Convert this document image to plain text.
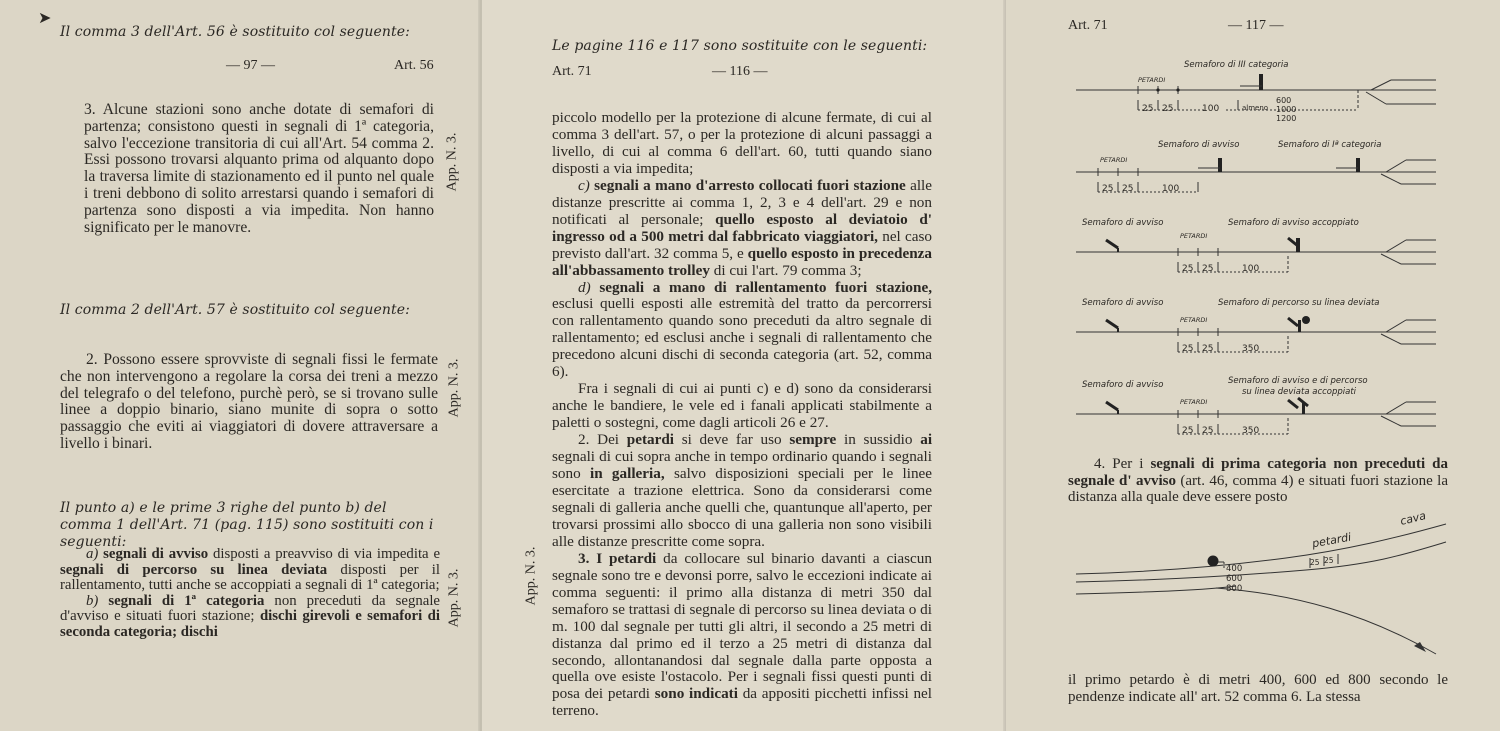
➤
Il comma 3 dell'Art. 56 è sostituito col seguente:
— 97 —	Art. 56

3. Alcune stazioni sono anche dotate di semafori di partenza; consistono questi in segnali di 1ª categoria, salvo l'eccezione transitoria di cui all'Art. 54 comma 2. Essi possono trovarsi alquanto prima od alquanto dopo la traversa limite di stazionamento ed il punto nel quale i treni debbono di solito arrestarsi quando i semafori di partenza sono disposti a via impedita. Non hanno significato per le manovre.

App. N. 3.
Il comma 2 dell'Art. 57 è sostituito col seguente:

2. Possono essere sprovviste di segnali fissi le fermate che non intervengono a regolare la corsa dei treni a mezzo del telegrafo o del telefono, purchè però, se si trovano sulle linee a doppio binario, siano munite di sopra o sotto passaggio che eviti ai viaggiatori di dovere attraversare a livello i binari.

App. N. 3.
Il punto a) e le prime 3 righe del punto b) del comma 1 dell'Art. 71 (pag. 115) sono sostituiti con i seguenti:

a) segnali di avviso disposti a preavviso di via impedita e segnali di percorso su linea deviata disposti per il rallentamento, tutti anche se accoppiati a segnali di 1ª categoria;

b) segnali di 1ª categoria non preceduti da segnale d'avviso e situati fuori stazione; dischi girevoli e semafori di seconda categoria; dischi

App. N. 3.
Le pagine 116 e 117 sono sostituite con le seguenti:
Art. 71	— 116 —

piccolo modello per la protezione di alcune fermate, di cui al comma 3 dell'art. 57, o per la protezione di alcuni passaggi a livello, di cui al comma 6 dell'art. 60, tutti quando siano disposti a via impedita;

c) segnali a mano d'arresto collocati fuori stazione alle distanze prescritte ai comma 1, 2, 3 e 4 dell'art. 29 e non notificati al personale; quello esposto al deviatoio d' ingresso od a 500 metri dal fabbricato viaggiatori, nel caso previsto dall'art. 32 comma 5, e quello esposto in precedenza all'abbassamento trolley di cui l'art. 79 comma 3;

d) segnali a mano di rallentamento fuori stazione, esclusi quelli esposti alle estremità del tratto da percorrersi con rallentamento quando sono preceduti da altro segnale di rallentamento; ed esclusi anche i segnali di rallentamento che precedono alcuni dischi di seconda categoria (art. 52, comma 6).

Fra i segnali di cui ai punti c) e d) sono da considerarsi anche le bandiere, le vele ed i fanali applicati stabilmente a paletti o sostegni, come dagli articoli 26 e 27.

2. Dei petardi si deve far uso sempre in sussidio ai segnali di cui sopra anche in tempo ordinario quando i segnali sono in galleria, salvo disposizioni speciali per le linee esercitate a trazione elettrica. Sono da considerarsi come segnali di galleria anche quelli che, quantunque all'aperto, per trovarsi prossimi allo sbocco di una galleria non sono visibili alle distanze prescritte come sopra.

3. I petardi da collocare sul binario davanti a ciascun segnale sono tre e devonsi porre, salvo le eccezioni indicate ai comma seguenti: il primo alla distanza di metri 350 dal semaforo se trattasi di segnale di percorso su linea deviata o di m. 100 dal segnale per tutti gli altri, il secondo a 25 metri di distanza dal primo ed il terzo a 25 metri di distanza dal secondo, allontanandosi dal segnale dalla parte opposta a quella ove esiste l'ostacolo. Per i segnali fissi questi punti di posa dei petardi sono indicati da appositi picchetti infissi nel terreno.

App. N. 3.
Art. 71	— 117 —
Semaforo di III categoria
PETARDI
25 25	100	almeno
600
1000
1200
Semaforo di avviso	Semaforo di Iª categoria
PETARDI
25 25	100
Semaforo di avviso	Semaforo di avviso accoppiato
PETARDI
25 25	100
Semaforo di avviso	Semaforo di percorso su linea deviata
PETARDI
25 25	350
Semaforo di avviso	Semaforo di avviso e di percorso
su linea deviata accoppiati
PETARDI
25 25	350

4. Per i segnali di prima categoria non preceduti da segnale d' avviso (art. 46, comma 4) e situati fuori stazione la distanza alla quale deve essere posto

cava
petardi
25 25
400
600
800

il primo petardo è di metri 400, 600 ed 800 secondo le pendenze indicate all' art. 52 comma 6. La stessa
